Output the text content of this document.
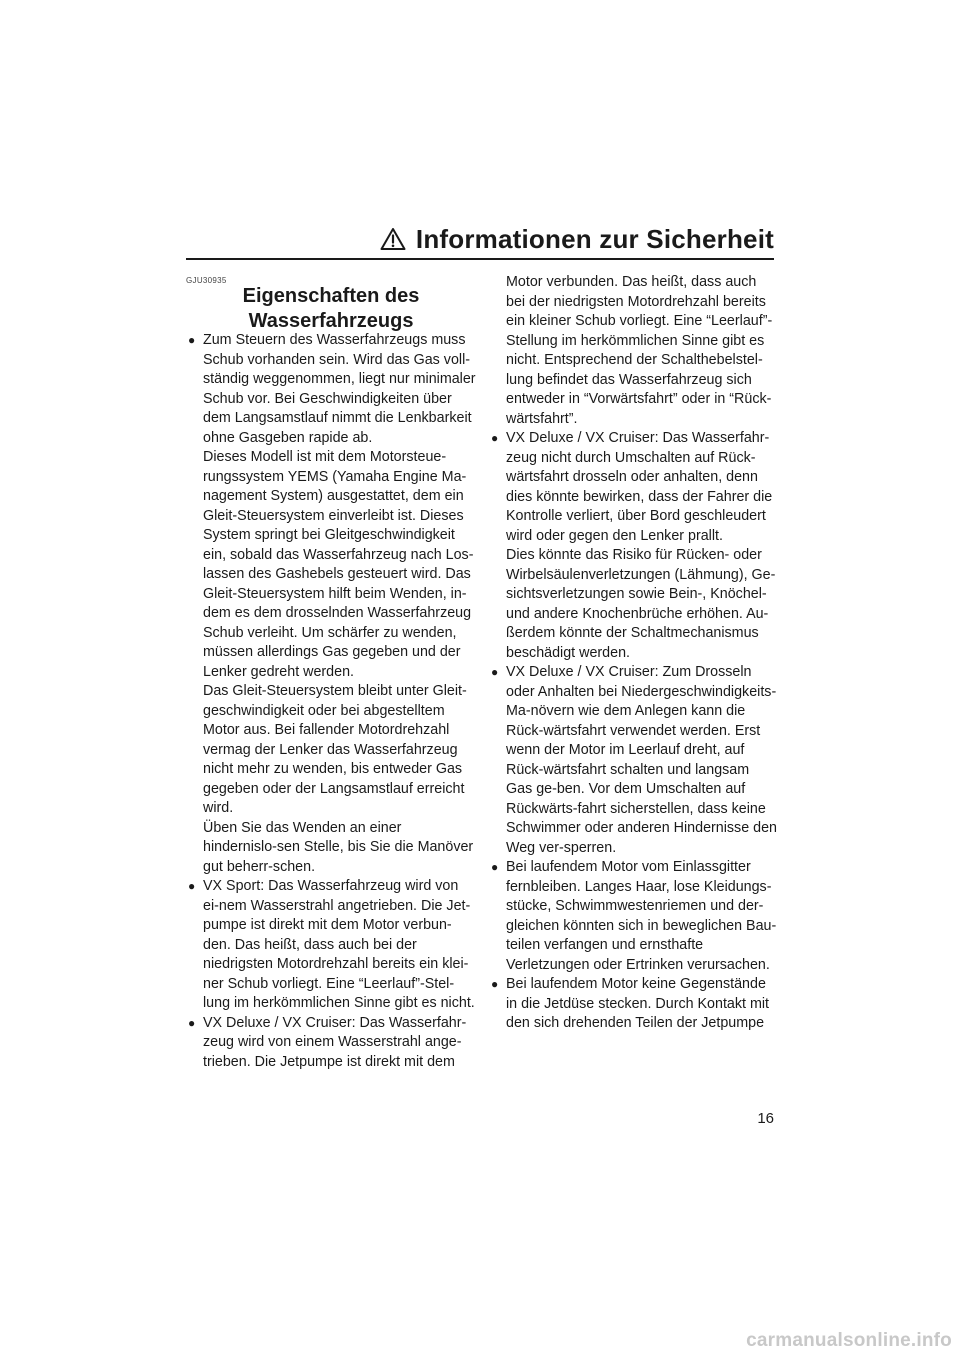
Informationen zur Sicherheit
GJU30935
Eigenschaften des
Wasserfahrzeugs
● Zum Steuern des Wasserfahrzeugs muss Schub vorhanden sein. Wird das Gas voll-ständig weggenommen, liegt nur minimaler Schub vor. Bei Geschwindigkeiten über dem Langsamstlauf nimmt die Lenkbarkeit ohne Gasgeben rapide ab.

Dieses Modell ist mit dem Motorsteue-rungssystem YEMS (Yamaha Engine Ma-nagement System) ausgestattet, dem ein Gleit-Steuersystem einverleibt ist. Dieses System springt bei Gleitgeschwindigkeit ein, sobald das Wasserfahrzeug nach Los-lassen des Gashebels gesteuert wird. Das Gleit-Steuersystem hilft beim Wenden, in-dem es dem drosselnden Wasserfahrzeug Schub verleiht. Um schärfer zu wenden, müssen allerdings Gas gegeben und der Lenker gedreht werden.

Das Gleit-Steuersystem bleibt unter Gleit-geschwindigkeit oder bei abgestelltem Motor aus. Bei fallender Motordrehzahl vermag der Lenker das Wasserfahrzeug nicht mehr zu wenden, bis entweder Gas gegeben oder der Langsamstlauf erreicht wird.

Üben Sie das Wenden an einer hindernislo-sen Stelle, bis Sie die Manöver gut beherr-schen.

● VX Sport: Das Wasserfahrzeug wird von ei-nem Wasserstrahl angetrieben. Die Jet-pumpe ist direkt mit dem Motor verbun-den. Das heißt, dass auch bei der niedrigsten Motordrehzahl bereits ein klei-ner Schub vorliegt. Eine “Leerlauf”-Stel-lung im herkömmlichen Sinne gibt es nicht.

● VX Deluxe / VX Cruiser: Das Wasserfahr-zeug wird von einem Wasserstrahl ange-trieben. Die Jetpumpe ist direkt mit dem

Motor verbunden. Das heißt, dass auch bei der niedrigsten Motordrehzahl bereits ein kleiner Schub vorliegt. Eine “Leerlauf”-Stellung im herkömmlichen Sinne gibt es nicht. Entsprechend der Schalthebelstel-lung befindet das Wasserfahrzeug sich entweder in “Vorwärtsfahrt” oder in “Rück-wärtsfahrt”.

● VX Deluxe / VX Cruiser: Das Wasserfahr-zeug nicht durch Umschalten auf Rück-wärtsfahrt drosseln oder anhalten, denn dies könnte bewirken, dass der Fahrer die Kontrolle verliert, über Bord geschleudert wird oder gegen den Lenker prallt.

Dies könnte das Risiko für Rücken- oder Wirbelsäulenverletzungen (Lähmung), Ge-sichtsverletzungen sowie Bein-, Knöchel- und andere Knochenbrüche erhöhen. Au-ßerdem könnte der Schaltmechanismus beschädigt werden.

● VX Deluxe / VX Cruiser: Zum Drosseln oder Anhalten bei Niedergeschwindigkeits-Ma-növern wie dem Anlegen kann die Rück-wärtsfahrt verwendet werden. Erst wenn der Motor im Leerlauf dreht, auf Rück-wärtsfahrt schalten und langsam Gas ge-ben. Vor dem Umschalten auf Rückwärts-fahrt sicherstellen, dass keine Schwimmer oder anderen Hindernisse den Weg ver-sperren.

● Bei laufendem Motor vom Einlassgitter fernbleiben. Langes Haar, lose Kleidungs-stücke, Schwimmwestenriemen und der-gleichen könnten sich in beweglichen Bau-teilen verfangen und ernsthafte Verletzungen oder Ertrinken verursachen.

● Bei laufendem Motor keine Gegenstände in die Jetdüse stecken. Durch Kontakt mit den sich drehenden Teilen der Jetpumpe

16
carmanualsonline.info
